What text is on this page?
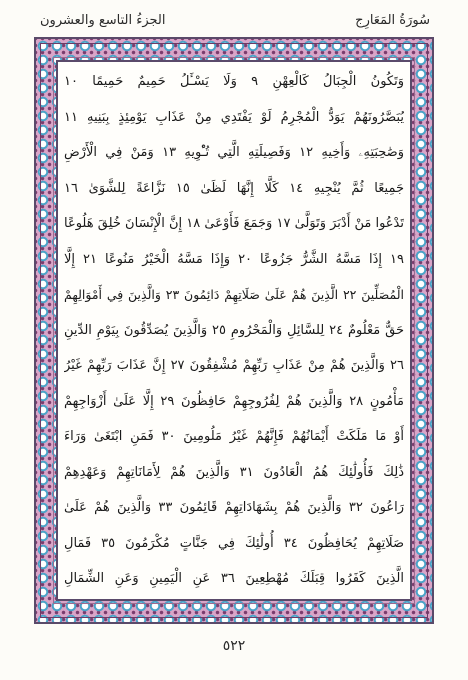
سُورَةُ المَعَارِج
الجزءُ التاسع والعشرون
وَتَكُونُ الْجِبَالُ كَالْعِهْنِ ٩ وَلَا يَسْـَٔلُ حَمِيمٌ حَمِيمًا ١٠
يُبَصَّرُونَهُمْ يَوَدُّ الْمُجْرِمُ لَوْ يَفْتَدِي مِنْ عَذَابِ يَوْمِئِذٍ بِبَنِيهِ ١١
وَصَٰحِبَتِهِۦ وَأَخِيهِ ١٢ وَفَصِيلَتِهِ الَّتِي تُـْٔوِيهِ ١٣ وَمَنْ فِي الْأَرْضِ
جَمِيعًا ثُمَّ يُنْجِيهِ ١٤ كَلَّا إِنَّهَا لَظَىٰ ١٥ نَزَّاعَةً لِلشَّوَىٰ ١٦
تَدْعُوا مَنْ أَدْبَرَ وَتَوَلَّىٰ ١٧ وَجَمَعَ فَأَوْعَىٰ ١٨ إِنَّ الْإِنْسَانَ خُلِقَ هَلُوعًا
١٩ إِذَا مَسَّهُ الشَّرُّ جَزُوعًا ٢٠ وَإِذَا مَسَّهُ الْخَيْرُ مَنُوعًا ٢١ إِلَّا
الْمُصَلِّينَ ٢٢ الَّذِينَ هُمْ عَلَىٰ صَلَاتِهِمْ دَائِمُونَ ٢٣ وَالَّذِينَ فِي أَمْوَالِهِمْ
حَقٌّ مَعْلُومٌ ٢٤ لِلسَّائِلِ وَالْمَحْرُومِ ٢٥ وَالَّذِينَ يُصَدِّقُونَ بِيَوْمِ الدِّينِ
٢٦ وَالَّذِينَ هُمْ مِنْ عَذَابِ رَبِّهِمْ مُشْفِقُونَ ٢٧ إِنَّ عَذَابَ رَبِّهِمْ غَيْرُ
مَأْمُونٍ ٢٨ وَالَّذِينَ هُمْ لِفُرُوجِهِمْ حَافِظُونَ ٢٩ إِلَّا عَلَىٰ أَزْوَاجِهِمْ
أَوْ مَا مَلَكَتْ أَيْمَانُهُمْ فَإِنَّهُمْ غَيْرُ مَلُومِينَ ٣٠ فَمَنِ ابْتَغَىٰ وَرَاءَ
ذَٰلِكَ فَأُولَٰئِكَ هُمُ الْعَادُونَ ٣١ وَالَّذِينَ هُمْ لِأَمَانَاتِهِمْ وَعَهْدِهِمْ
رَاعُونَ ٣٢ وَالَّذِينَ هُمْ بِشَهَادَاتِهِمْ قَائِمُونَ ٣٣ وَالَّذِينَ هُمْ عَلَىٰ
صَلَاتِهِمْ يُحَافِظُونَ ٣٤ أُولَٰئِكَ فِي جَنَّاتٍ مُكْرَمُونَ ٣٥ فَمَالِ
الَّذِينَ كَفَرُوا قِبَلَكَ مُهْطِعِينَ ٣٦ عَنِ الْيَمِينِ وَعَنِ الشِّمَالِ
٥٢٢
